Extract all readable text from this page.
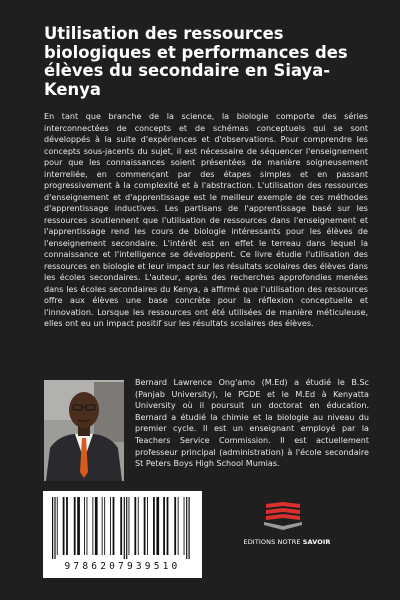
Utilisation des ressources biologiques et performances des élèves du secondaire en Siaya-Kenya

En tant que branche de la science, la biologie comporte des séries interconnectées de concepts et de schémas conceptuels qui se sont développés à la suite d'expériences et d'observations. Pour comprendre les concepts sous-jacents du sujet, il est nécessaire de séquencer l'enseignement pour que les connaissances soient présentées de manière soigneusement interreliée, en commençant par des étapes simples et en passant progressivement à la complexité et à l'abstraction. L'utilisation des ressources d'enseignement et d'apprentissage est le meilleur exemple de ces méthodes d'apprentissage inductives. Les partisans de l'apprentissage basé sur les ressources soutiennent que l'utilisation de ressources dans l'enseignement et l'apprentissage rend les cours de biologie intéressants pour les élèves de l'enseignement secondaire. L'intérêt est en effet le terreau dans lequel la connaissance et l'intelligence se développent. Ce livre étudie l'utilisation des ressources en biologie et leur impact sur les résultats scolaires des élèves dans les écoles secondaires. L'auteur, après des recherches approfondies menées dans les écoles secondaires du Kenya, a affirmé que l'utilisation des ressources offre aux élèves une base concrète pour la réflexion conceptuelle et l'innovation. Lorsque les ressources ont été utilisées de manière méticuleuse, elles ont eu un impact positif sur les résultats scolaires des élèves.

Bernard Lawrence Ong'amo (M.Ed) a étudié le B.Sc (Panjab University), le PGDE et le M.Ed à Kenyatta University où il poursuit un doctorat en éducation. Bernard a étudié la chimie et la biologie au niveau du premier cycle. Il est un enseignant employé par la Teachers Service Commission. Il est actuellement professeur principal (administration) à l'école secondaire St Peters Boys High School Mumias.

9786207939510
EDITIONS NOTRE SAVOIR
